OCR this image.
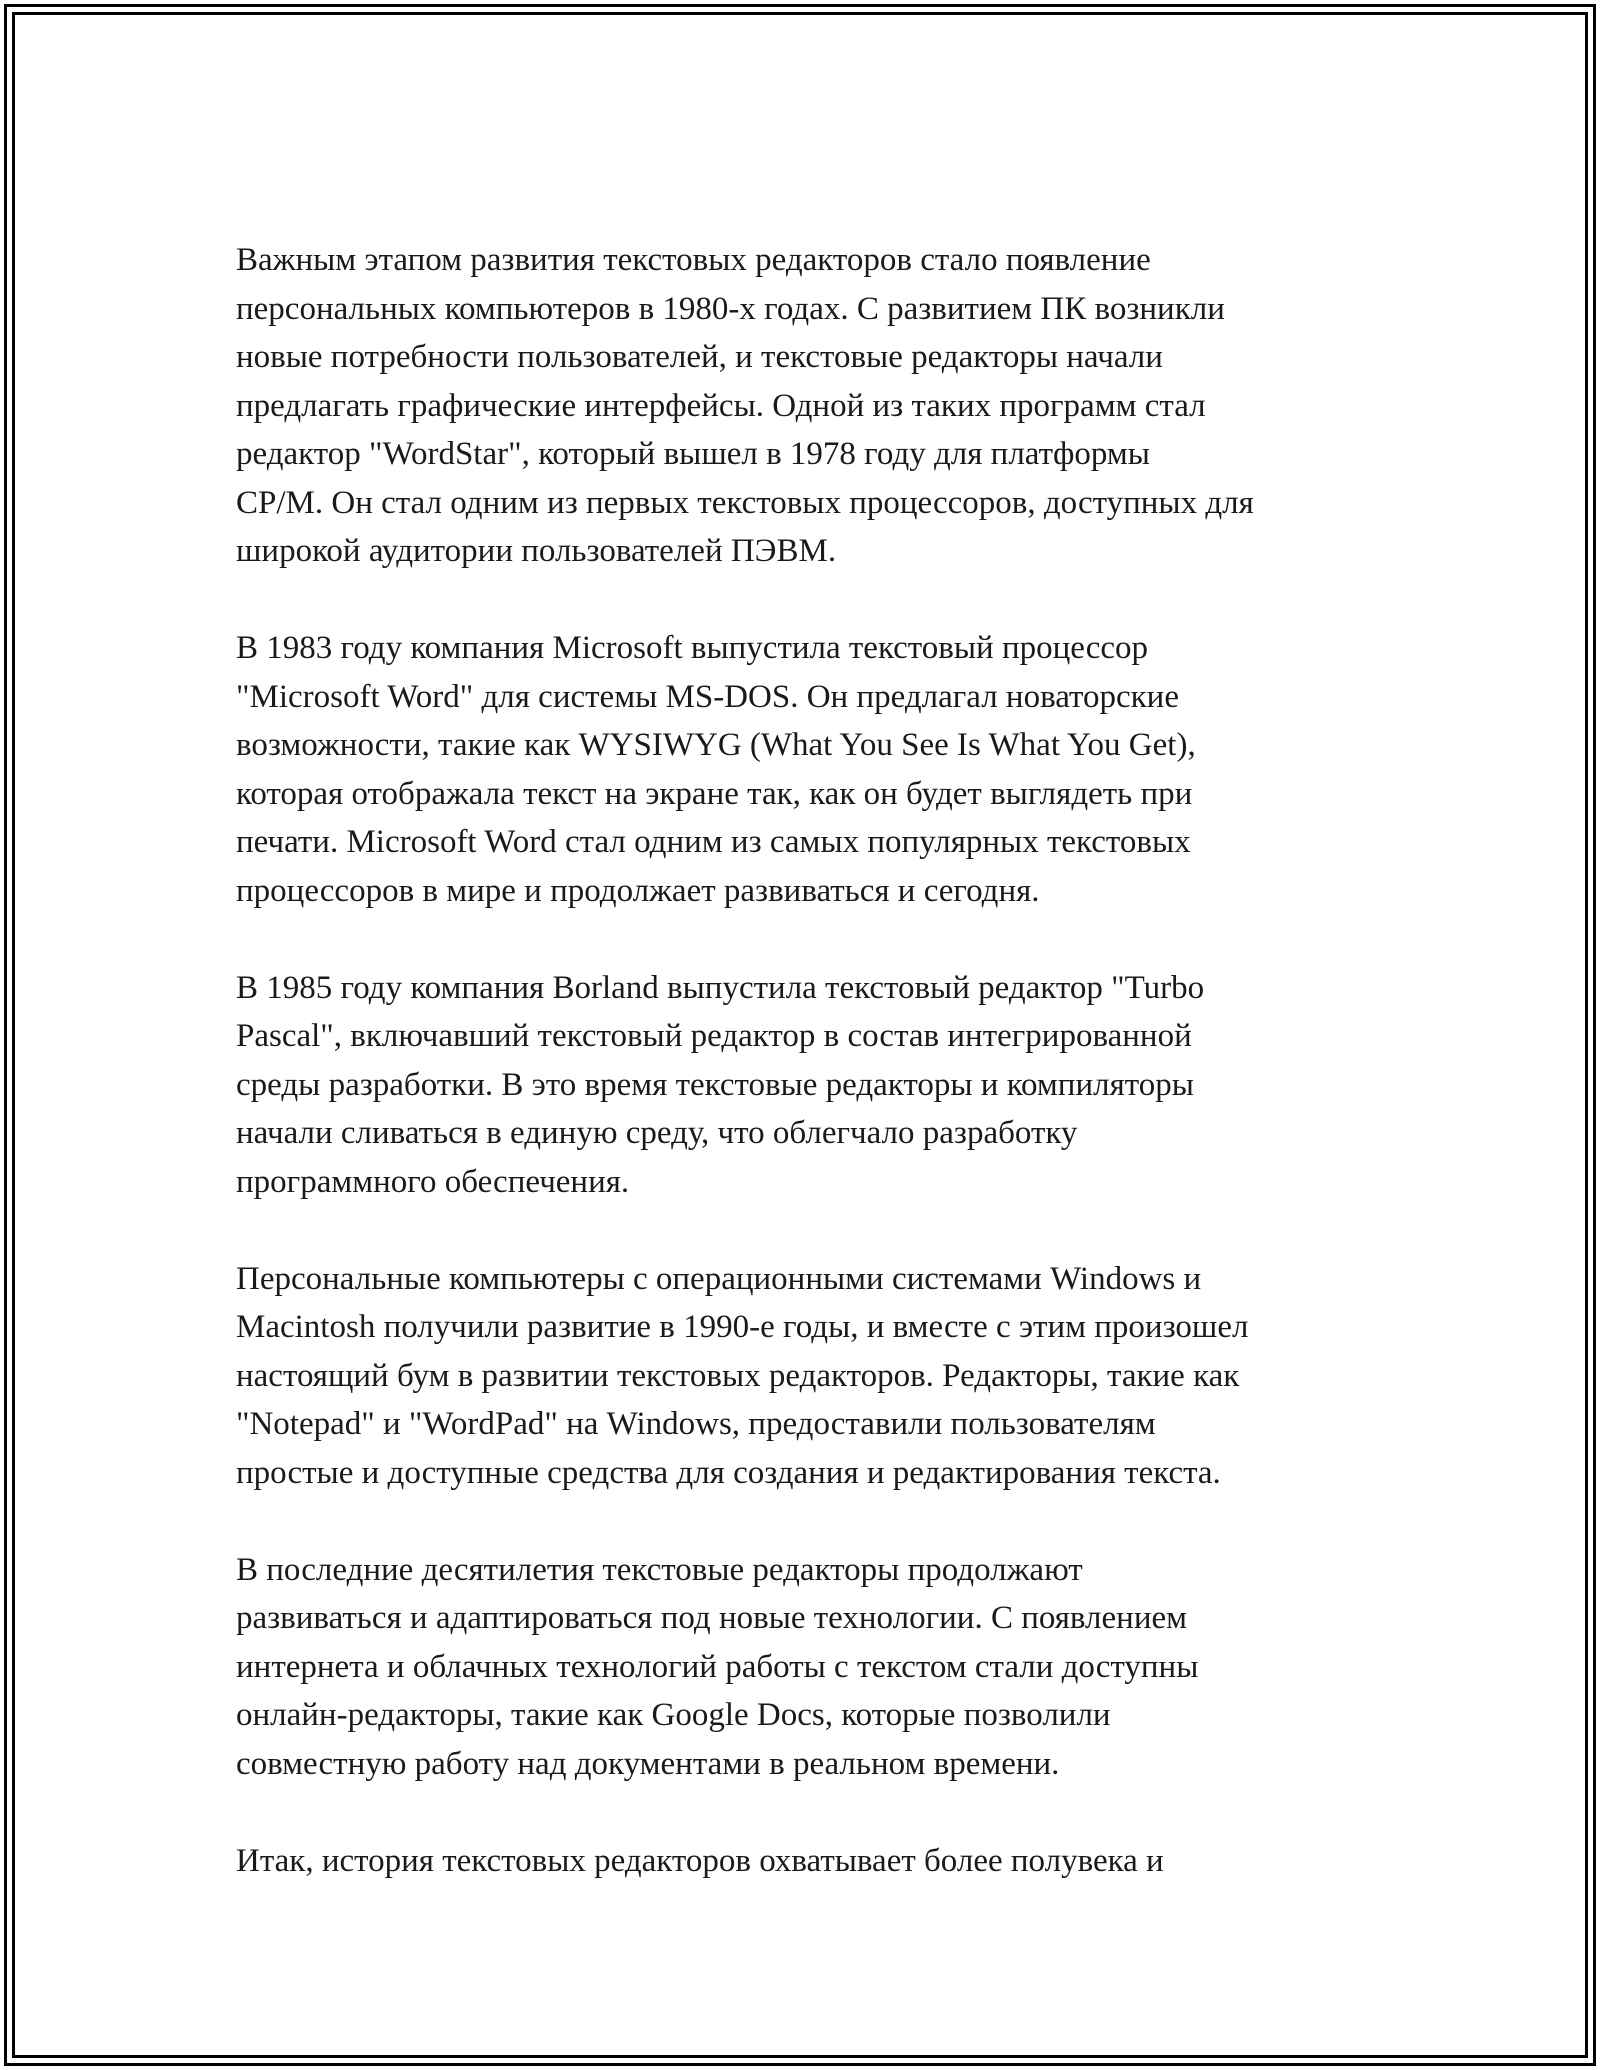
Важным этапом развития текстовых редакторов стало появление
персональных компьютеров в 1980-х годах. С развитием ПК возникли
новые потребности пользователей, и текстовые редакторы начали
предлагать графические интерфейсы. Одной из таких программ стал
редактор "WordStar", который вышел в 1978 году для платформы
CP/M. Он стал одним из первых текстовых процессоров, доступных для
широкой аудитории пользователей ПЭВМ.

В 1983 году компания Microsoft выпустила текстовый процессор
"Microsoft Word" для системы MS-DOS. Он предлагал новаторские
возможности, такие как WYSIWYG (What You See Is What You Get),
которая отображала текст на экране так, как он будет выглядеть при
печати. Microsoft Word стал одним из самых популярных текстовых
процессоров в мире и продолжает развиваться и сегодня.

В 1985 году компания Borland выпустила текстовый редактор "Turbo
Pascal", включавший текстовый редактор в состав интегрированной
среды разработки. В это время текстовые редакторы и компиляторы
начали сливаться в единую среду, что облегчало разработку
программного обеспечения.

Персональные компьютеры с операционными системами Windows и
Macintosh получили развитие в 1990-е годы, и вместе с этим произошел
настоящий бум в развитии текстовых редакторов. Редакторы, такие как
"Notepad" и "WordPad" на Windows, предоставили пользователям
простые и доступные средства для создания и редактирования текста.

В последние десятилетия текстовые редакторы продолжают
развиваться и адаптироваться под новые технологии. С появлением
интернета и облачных технологий работы с текстом стали доступны
онлайн-редакторы, такие как Google Docs, которые позволили
совместную работу над документами в реальном времени.

Итак, история текстовых редакторов охватывает более полувека и
